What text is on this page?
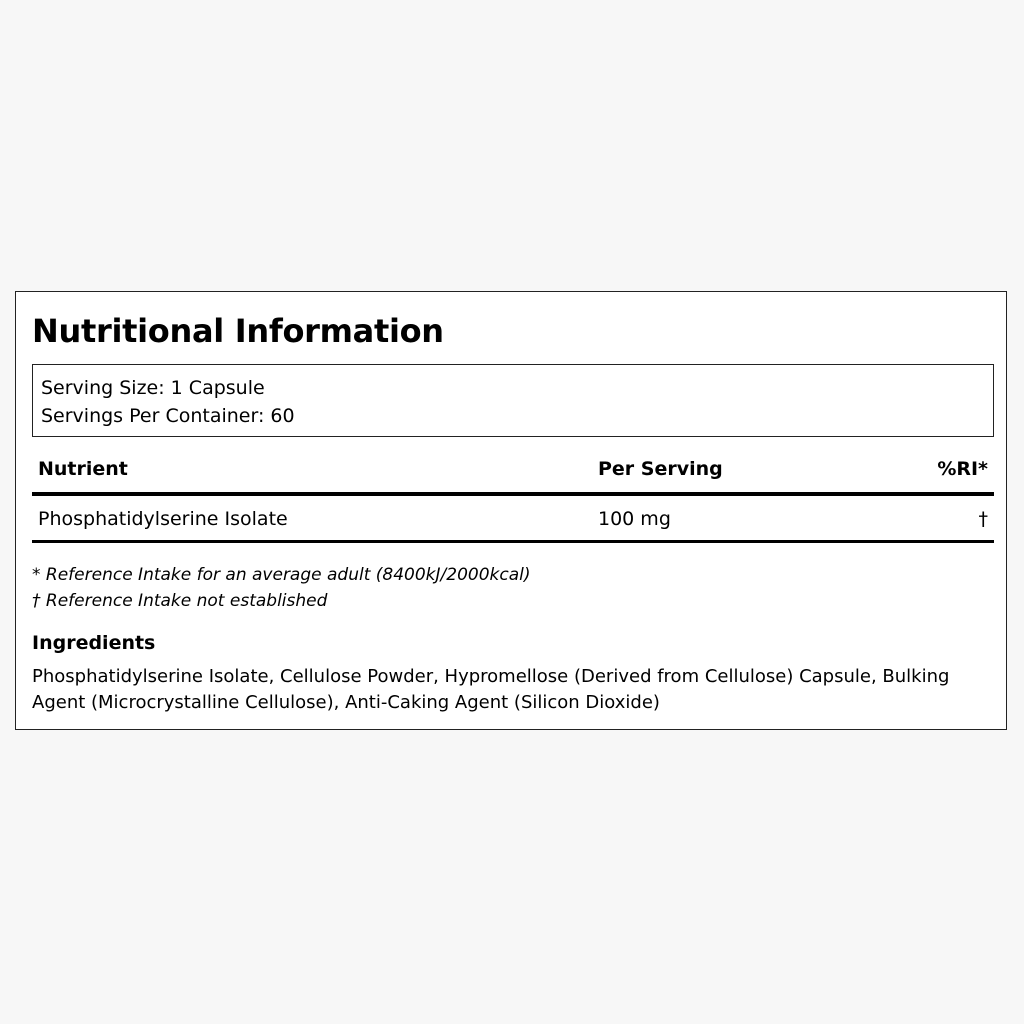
Nutritional Information
Serving Size: 1 Capsule
Servings Per Container: 60
Nutrient	Per Serving	%RI*
Phosphatidylserine Isolate	100 mg	†
* Reference Intake for an average adult (8400kJ/2000kcal)
† Reference Intake not established
Ingredients
Phosphatidylserine Isolate, Cellulose Powder, Hypromellose (Derived from Cellulose) Capsule, Bulking Agent (Microcrystalline Cellulose), Anti-Caking Agent (Silicon Dioxide)
